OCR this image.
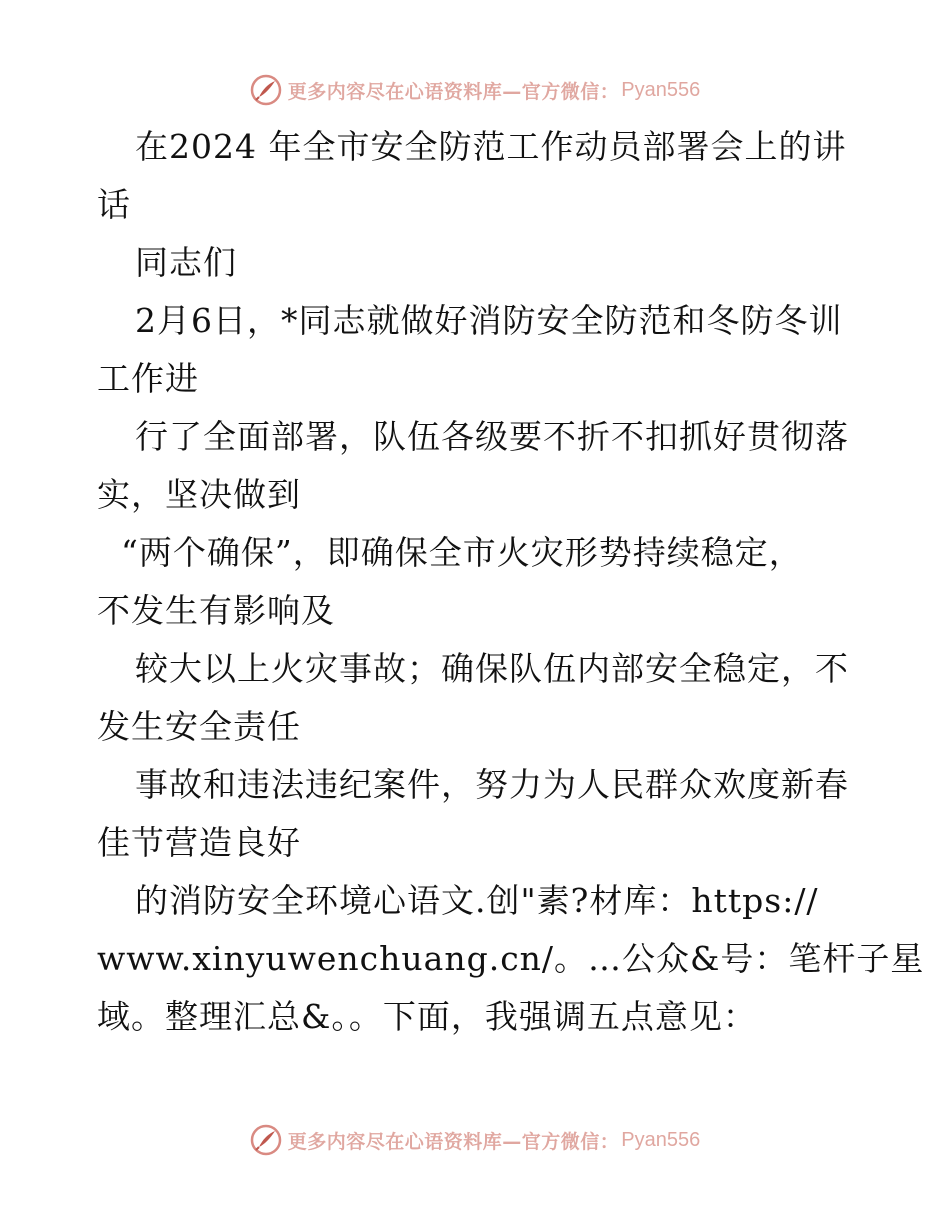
更多内容尽在心语资料库—官方微信： Pyan556
在2024 年全市安全防范工作动员部署会上的讲
话
同志们
2月6日，*同志就做好消防安全防范和冬防冬训
工作进
行了全面部署，队伍各级要不折不扣抓好贯彻落
实，坚决做到
“两个确保”，即确保全市火灾形势持续稳定，
不发生有影响及
较大以上火灾事故；确保队伍内部安全稳定，不
发生安全责任
事故和违法违纪案件，努力为人民群众欢度新春
佳节营造良好
的消防安全环境心语文.创"素?材库：https://
www.xinyuwenchuang.cn/。…公众&号：笔杆子星
域。整理汇总&。。下面，我强调五点意见：
更多内容尽在心语资料库—官方微信： Pyan556
